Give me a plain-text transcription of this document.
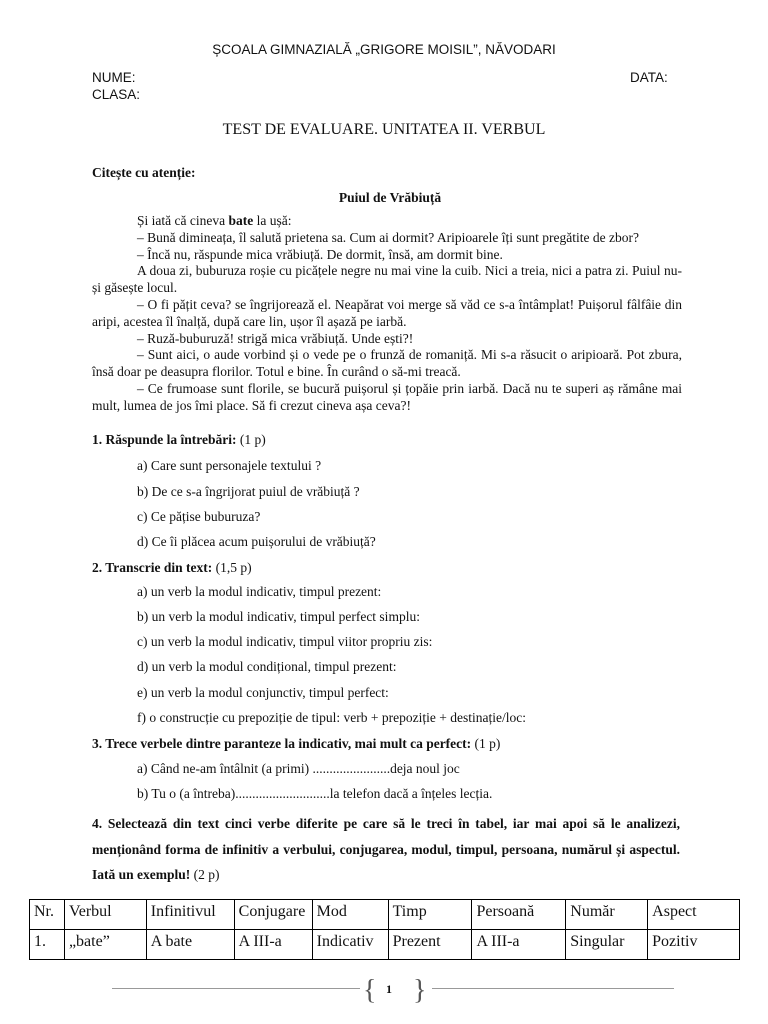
ȘCOALA GIMNAZIALĂ „GRIGORE MOISIL”, NĂVODARI
NUME:	DATA:
CLASA:
TEST DE EVALUARE. UNITATEA II. VERBUL
Citește cu atenție:
Puiul de Vrăbiuță

Și iată că cineva bate la ușă:

– Bună dimineața, îl salută prietena sa. Cum ai dormit? Aripioarele îți sunt pregătite de zbor?

– Încă nu, răspunde mica vrăbiuță. De dormit, însă, am dormit bine.

A doua zi, buburuza roșie cu picățele negre nu mai vine la cuib. Nici a treia, nici a patra zi. Puiul nu-și găsește locul.

– O fi pățit ceva? se îngrijorează el. Neapărat voi merge să văd ce s-a întâmplat! Puișorul fâlfâie din aripi, acestea îl înalță, după care lin, ușor îl așază pe iarbă.

– Ruză-buburuză! strigă mica vrăbiuță. Unde ești?!

– Sunt aici, o aude vorbind și o vede pe o frunză de romaniță. Mi s-a răsucit o aripioară. Pot zbura, însă doar pe deasupra florilor. Totul e bine. În curând o să-mi treacă.

– Ce frumoase sunt florile, se bucură puișorul și țopăie prin iarbă. Dacă nu te superi aș rămâne mai mult, lumea de jos îmi place. Să fi crezut cineva așa ceva?!

1. Răspunde la întrebări: (1 p)
a) Care sunt personajele textului ?
b) De ce s-a îngrijorat puiul de vrăbiuță ?
c) Ce pățise buburuza?
d) Ce îi plăcea acum puișorului de vrăbiuță?
2. Transcrie din text: (1,5 p)
a) un verb la modul indicativ, timpul prezent:
b) un verb la modul indicativ, timpul perfect simplu:
c) un verb la modul indicativ, timpul viitor propriu zis:
d) un verb la modul condițional, timpul prezent:
e) un verb la modul conjunctiv, timpul perfect:
f) o construcție cu prepoziție de tipul: verb + prepoziție + destinație/loc:
3. Trece verbele dintre paranteze la indicativ, mai mult ca perfect: (1 p)
a) Când ne-am întâlnit (a primi) .......................deja noul joc
b) Tu o (a întreba)............................la telefon dacă a înțeles lecția.
4. Selectează din text cinci verbe diferite pe care să le treci în tabel, iar mai apoi să le analizezi, menționând forma de infinitiv a verbului, conjugarea, modul, timpul, persoana, numărul și aspectul. Iată un exemplu! (2 p)
Nr.	Verbul	Infinitivul	Conjugare	Mod	Timp	Persoană	Număr	Aspect
1.	„bate”	A bate	A III-a	Indicativ	Prezent	A III-a	Singular	Pozitiv
{ 1 }
